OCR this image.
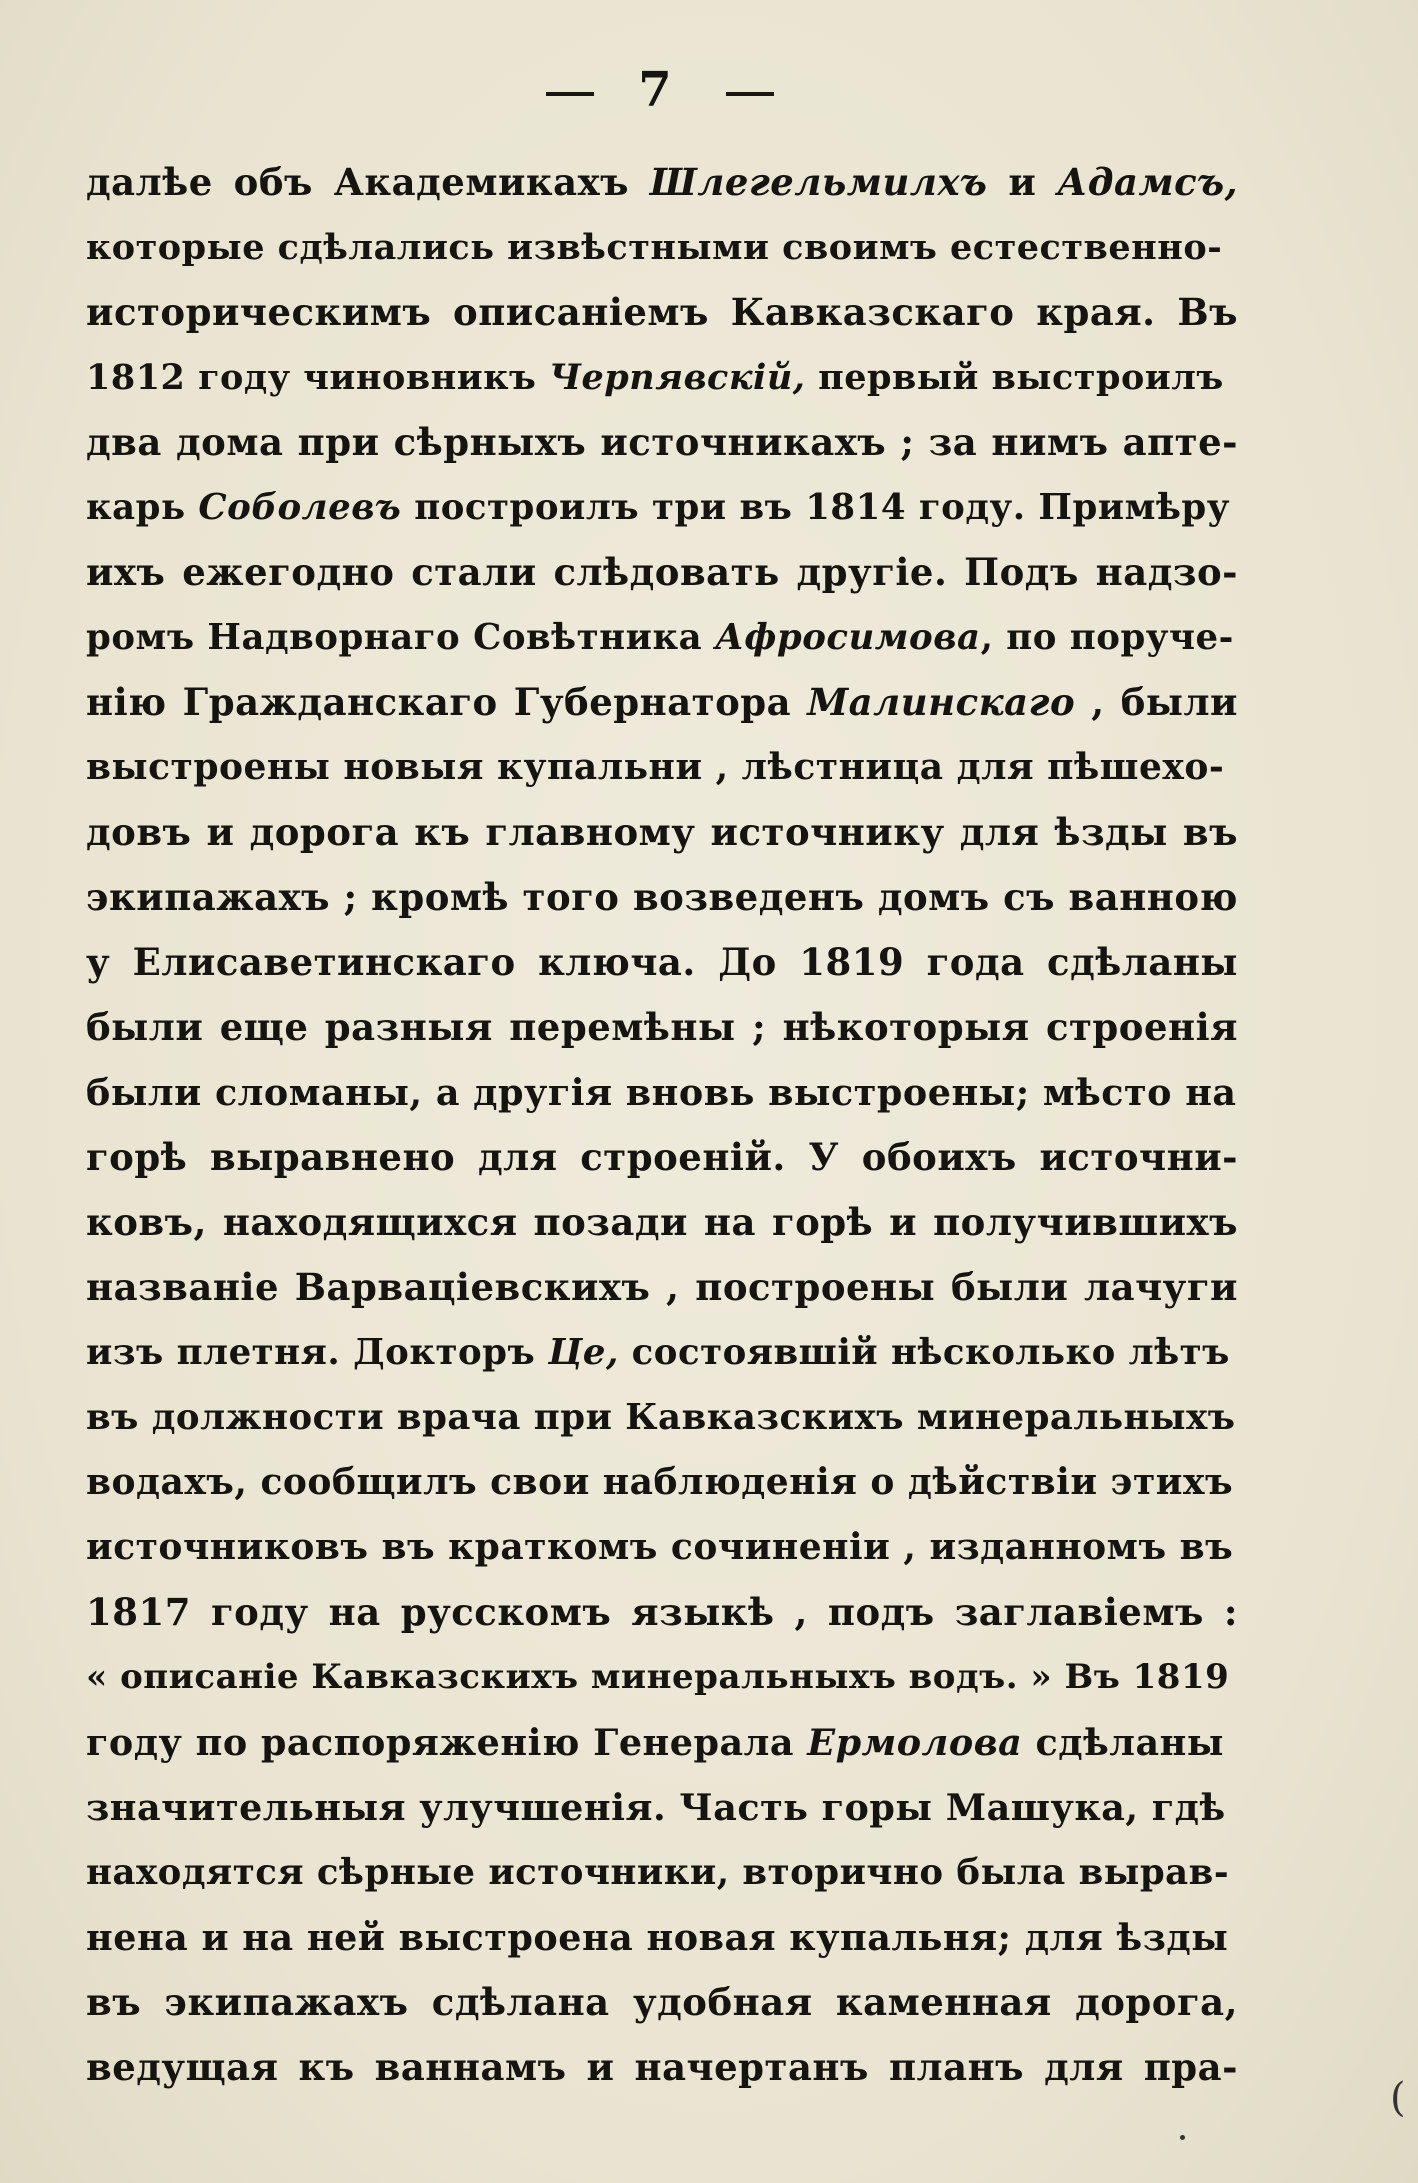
7
далѣе объ Академикахъ Шлегельмилхъ и Адамсъ,
которые сдѣлались извѣстными своимъ естественно-
историческимъ описаніемъ Кавказскаго края. Въ
1812 году чиновникъ Черпявскій, первый выстроилъ
два дома при сѣрныхъ источникахъ ; за нимъ апте-
карь Соболевъ построилъ три въ 1814 году. Примѣру
ихъ ежегодно стали слѣдовать другіе. Подъ надзо-
ромъ Надворнаго Совѣтника Афросимова, по поруче-
нію Гражданскаго Губернатора Малинскаго , были
выстроены новыя купальни , лѣстница для пѣшехо-
довъ и дорога къ главному источнику для ѣзды въ
экипажахъ ; кромѣ того возведенъ домъ съ ванною
у Елисаветинскаго ключа. До 1819 года сдѣланы
были еще разныя перемѣны ; нѣкоторыя строенія
были сломаны, а другія вновь выстроены; мѣсто на
горѣ выравнено для строеній. У обоихъ источни-
ковъ, находящихся позади на горѣ и получившихъ
названіе Варваціевскихъ , построены были лачуги
изъ плетня. Докторъ Це, состоявшій нѣсколько лѣтъ
въ должности врача при Кавказскихъ минеральныхъ
водахъ, сообщилъ свои наблюденія о дѣйствіи этихъ
источниковъ въ краткомъ сочиненіи , изданномъ въ
1817 году на русскомъ языкѣ , подъ заглавіемъ :
« описаніе Кавказскихъ минеральныхъ водъ. » Въ 1819
году по распоряженію Генерала Ермолова сдѣланы
значительныя улучшенія. Часть горы Машука, гдѣ
находятся сѣрные источники, вторично была вырав-
нена и на ней выстроена новая купальня; для ѣзды
въ экипажахъ сдѣлана удобная каменная дорога,
ведущая къ ваннамъ и начертанъ планъ для пра-
(
